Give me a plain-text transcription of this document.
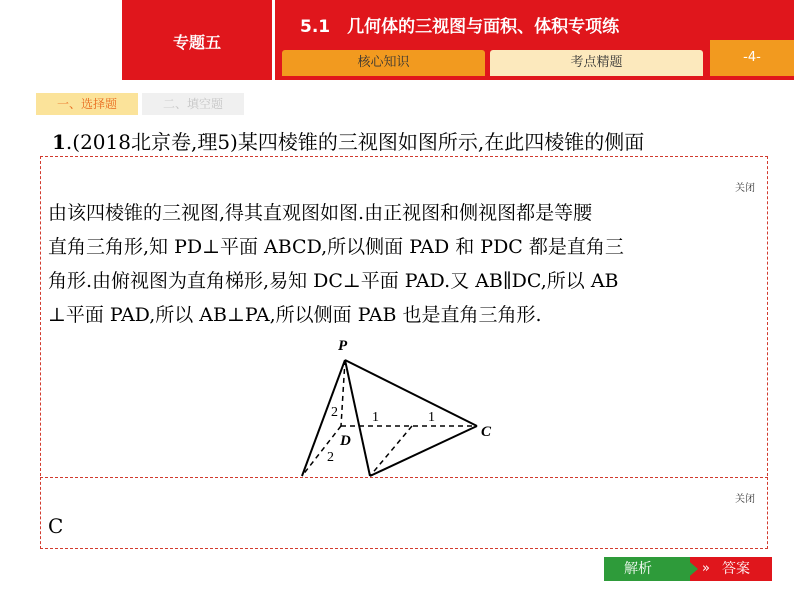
专题五
5.1　几何体的三视图与面积、体积专项练
核心知识	考点精题	-4-
一、选择题	二、填空题
1.(2018北京卷,理5)某四棱锥的三视图如图所示,在此四棱锥的侧面
关闭
由该四棱锥的三视图,得其直观图如图.由正视图和侧视图都是等腰
直角三角形,知 PD⊥平面 ABCD,所以侧面 PAD 和 PDC 都是直角三
角形.由俯视图为直角梯形,易知 DC⊥平面 PAD.又 AB∥DC,所以 AB
⊥平面 PAD,所以 AB⊥PA,所以侧面 PAB 也是直角三角形.
P
C
D
2
2
1	1
关闭
C
解析	答案
»
